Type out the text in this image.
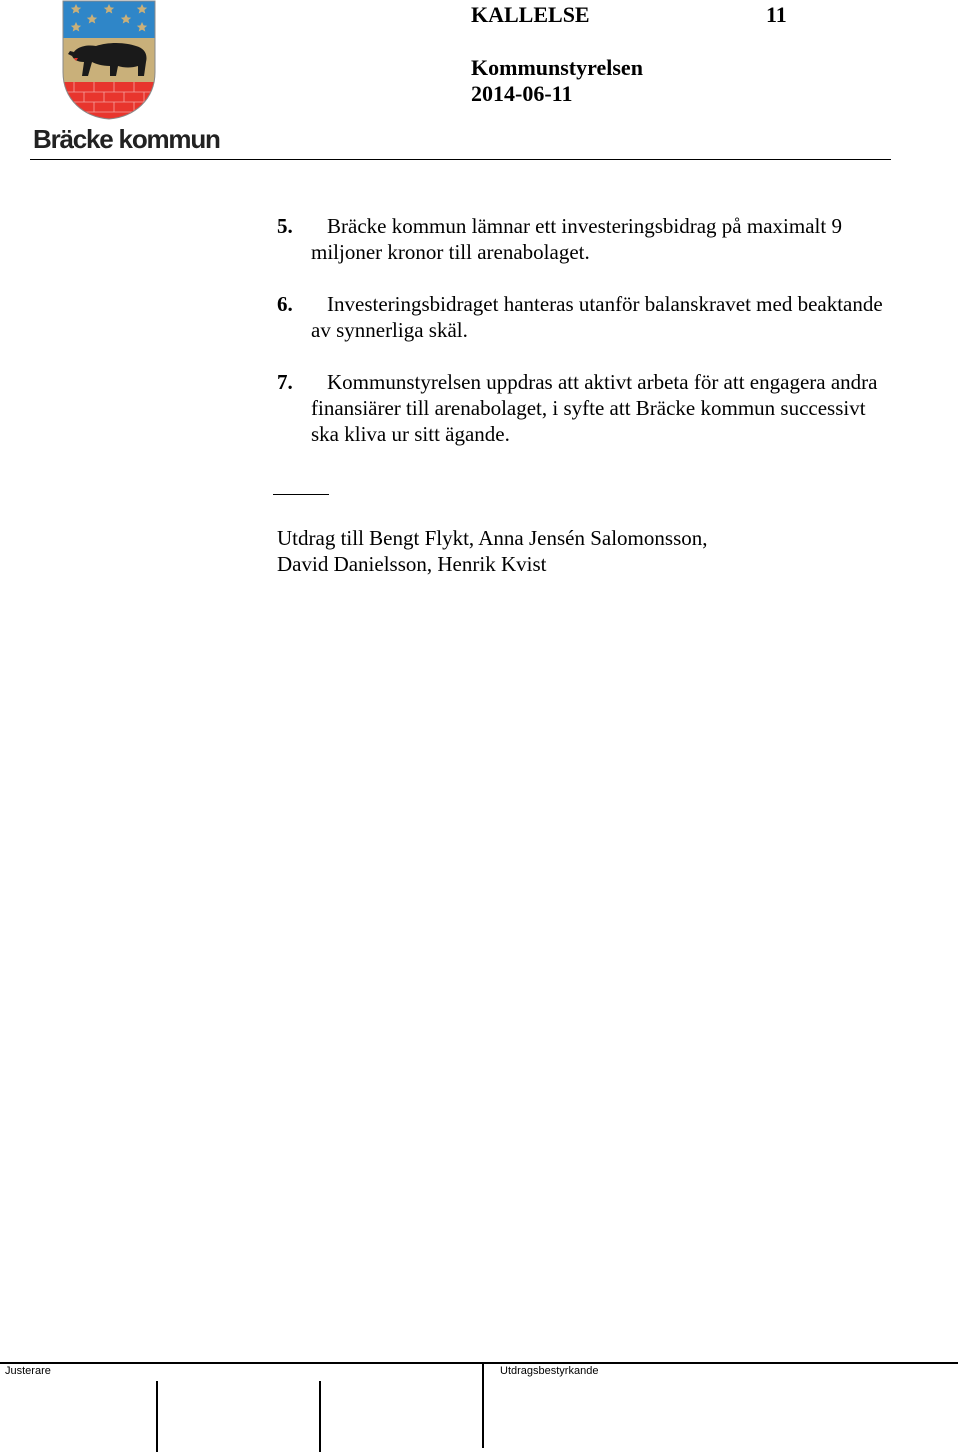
Bräcke kommun
KALLELSE	11
Kommunstyrelsen
2014-06-11
5.	Bräcke kommun lämnar ett investeringsbidrag på maximalt 9 miljoner kronor till arenabolaget.
6.	Investeringsbidraget hanteras utanför balanskravet med beaktande av synnerliga skäl.
7.	Kommunstyrelsen uppdras att aktivt arbeta för att engagera andra finansiärer till arenabolaget, i syfte att Bräcke kommun successivt ska kliva ur sitt ägande.
Utdrag till Bengt Flykt, Anna Jensén Salomonsson,
David Danielsson, Henrik Kvist
Justerare	Utdragsbestyrkande
